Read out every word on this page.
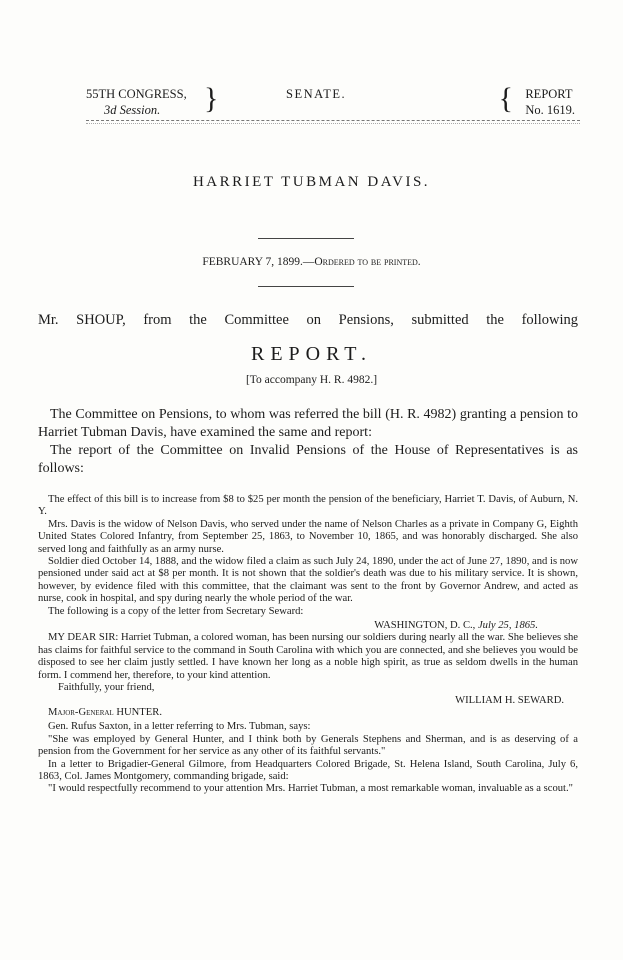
55TH CONGRESS,
3d Session.	}	SENATE.	{ REPORT
No. 1619.
HARRIET TUBMAN DAVIS.
FEBRUARY 7, 1899.—Ordered to be printed.
Mr. SHOUP, from the Committee on Pensions, submitted the following
REPORT.
[To accompany H. R. 4982.]

The Committee on Pensions, to whom was referred the bill (H. R. 4982) granting a pension to Harriet Tubman Davis, have examined the same and report:

The report of the Committee on Invalid Pensions of the House of Representatives is as follows:

The effect of this bill is to increase from $8 to $25 per month the pension of the beneficiary, Harriet T. Davis, of Auburn, N. Y.

Mrs. Davis is the widow of Nelson Davis, who served under the name of Nelson Charles as a private in Company G, Eighth United States Colored Infantry, from September 25, 1863, to November 10, 1865, and was honorably discharged. She also served long and faithfully as an army nurse.

Soldier died October 14, 1888, and the widow filed a claim as such July 24, 1890, under the act of June 27, 1890, and is now pensioned under said act at $8 per month. It is not shown that the soldier's death was due to his military service. It is shown, however, by evidence filed with this committee, that the claimant was sent to the front by Governor Andrew, and acted as nurse, cook in hospital, and spy during nearly the whole period of the war.

The following is a copy of the letter from Secretary Seward:

WASHINGTON, D. C., July 25, 1865.

MY DEAR SIR: Harriet Tubman, a colored woman, has been nursing our soldiers during nearly all the war. She believes she has claims for faithful service to the command in South Carolina with which you are connected, and she believes you would be disposed to see her claim justly settled. I have known her long as a noble high spirit, as true as seldom dwells in the human form. I commend her, therefore, to your kind attention.

Faithfully, your friend,

WILLIAM H. SEWARD.

Major-General HUNTER.

Gen. Rufus Saxton, in a letter referring to Mrs. Tubman, says:

"She was employed by General Hunter, and I think both by Generals Stephens and Sherman, and is as deserving of a pension from the Government for her service as any other of its faithful servants."

In a letter to Brigadier-General Gilmore, from Headquarters Colored Brigade, St. Helena Island, South Carolina, July 6, 1863, Col. James Montgomery, commanding brigade, said:

"I would respectfully recommend to your attention Mrs. Harriet Tubman, a most remarkable woman, invaluable as a scout."
